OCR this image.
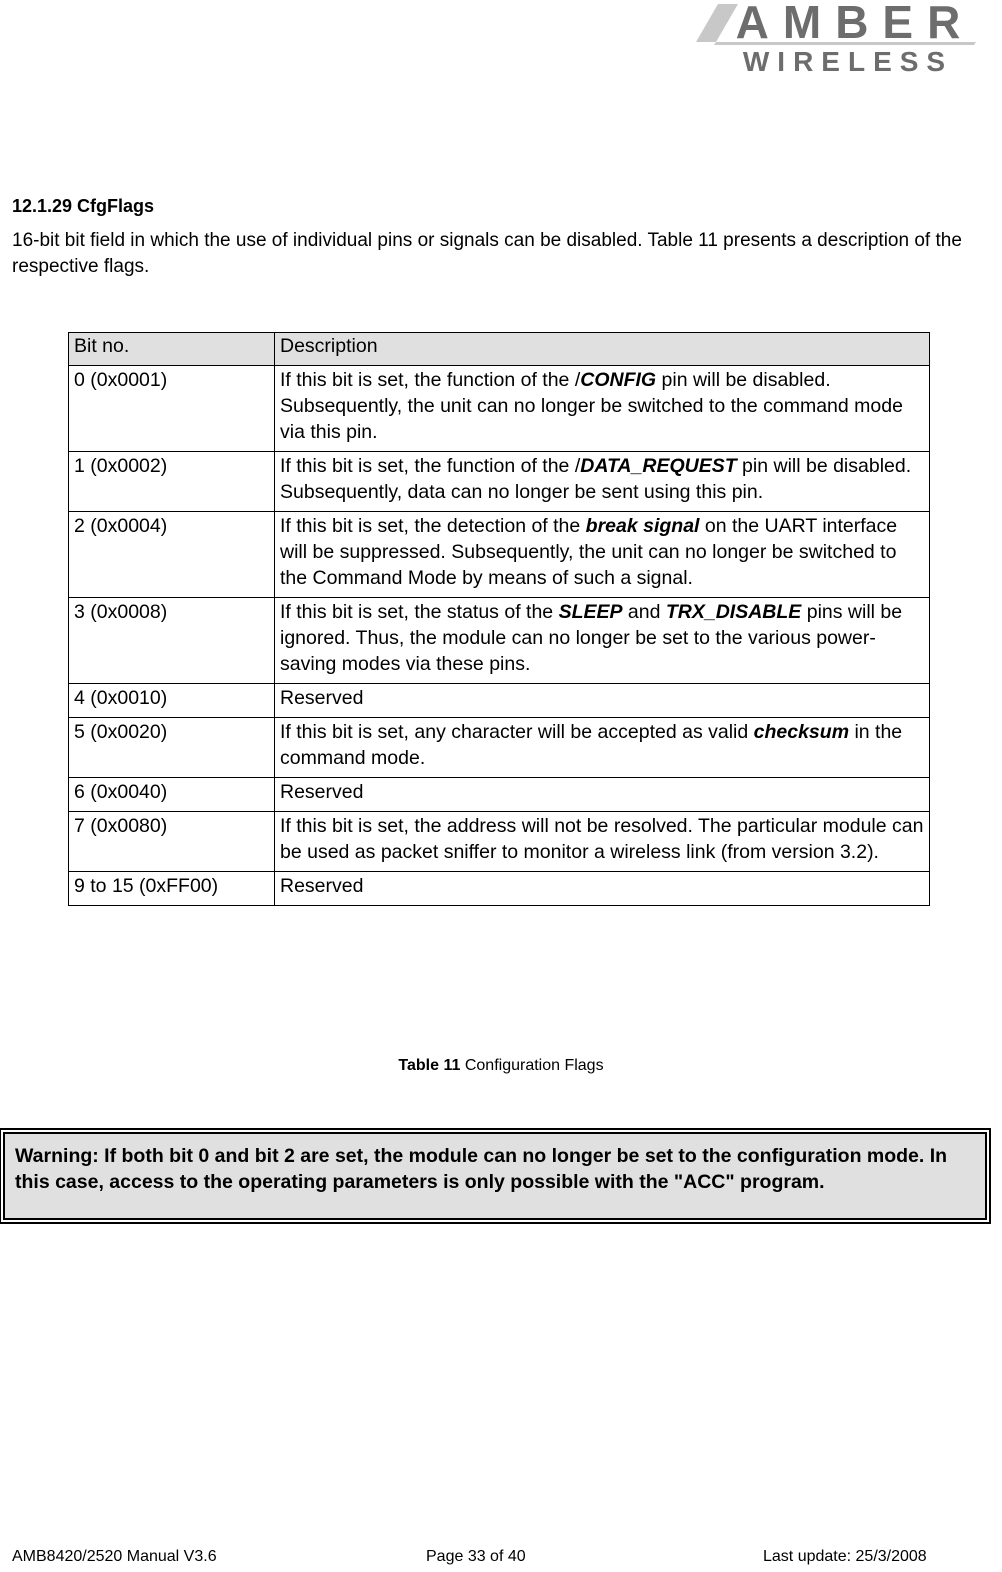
AMBER
WIRELESS
12.1.29 CfgFlags

16-bit bit field in which the use of individual pins or signals can be disabled. Table 11 presents a description of the respective flags.

Bit no.	Description
0 (0x0001)	If this bit is set, the function of the /CONFIG pin will be disabled. Subsequently, the unit can no longer be switched to the command mode via this pin.
1 (0x0002)	If this bit is set, the function of the /DATA_REQUEST pin will be disabled. Subsequently, data can no longer be sent using this pin.
2 (0x0004)	If this bit is set, the detection of the break signal on the UART interface will be suppressed. Subsequently, the unit can no longer be switched to the Command Mode by means of such a signal.
3 (0x0008)	If this bit is set, the status of the SLEEP and TRX_DISABLE pins will be ignored. Thus, the module can no longer be set to the various power-saving modes via these pins.
4 (0x0010)	Reserved
5 (0x0020)	If this bit is set, any character will be accepted as valid checksum in the command mode.
6 (0x0040)	Reserved
7 (0x0080)	If this bit is set, the address will not be resolved. The particular module can be used as packet sniffer to monitor a wireless link (from version 3.2).
9 to 15 (0xFF00)	Reserved
Table 11 Configuration Flags
Warning: If both bit 0 and bit 2 are set, the module can no longer be set to the configuration mode. In this case, access to the operating parameters is only possible with the "ACC" program.
AMB8420/2520 Manual V3.6	Page 33 of 40	Last update: 25/3/2008
